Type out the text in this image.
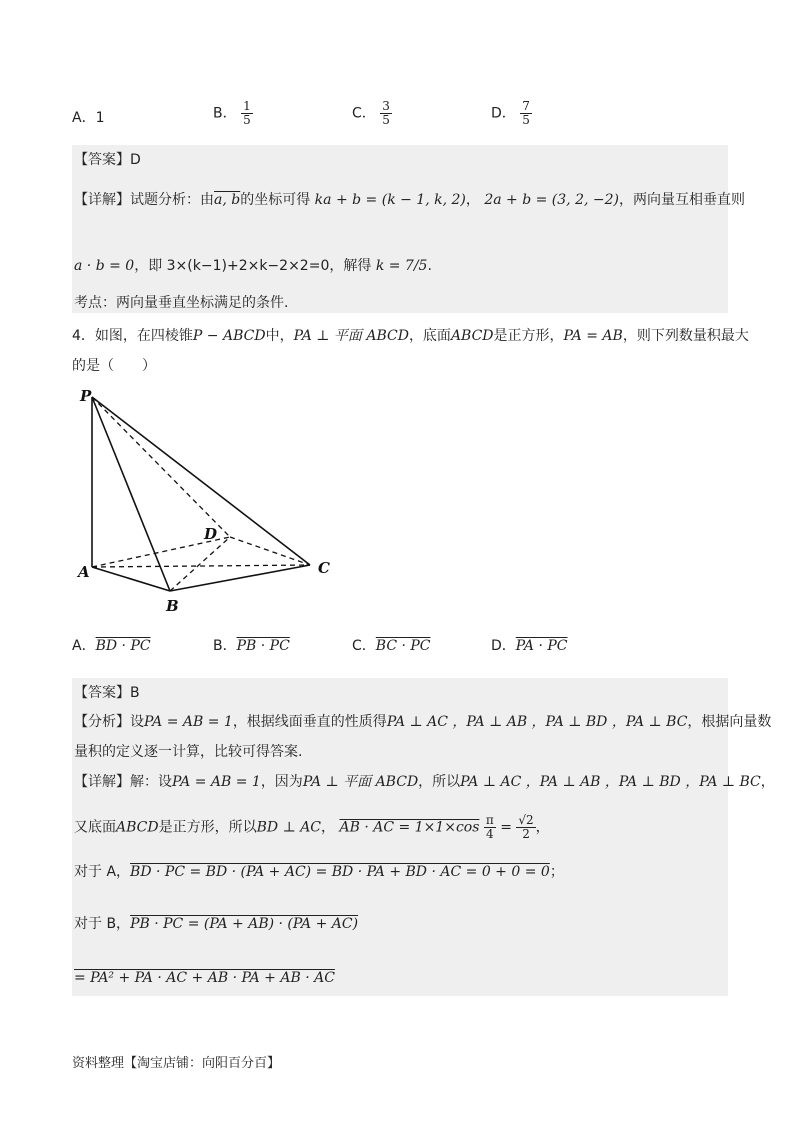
A．1	B． $\frac{1}{5}$	C． $\frac{3}{5}$	D． $\frac{7}{5}$
【答案】D
【详解】试题分析：由a, b的坐标可得 ka + b = (k − 1, k, 2)， 2a + b = (3, 2, −2)，两向量互相垂直则
a · b = 0，即 3×(k−1)+2×k−2×2=0，解得 k = 7/5.
考点：两向量垂直坐标满足的条件.
4．如图，在四棱锥P − ABCD中，PA ⊥ 平面 ABCD，底面ABCD是正方形，PA = AB，则下列数量积最大
的是（　　）
P
A
B
C
D
A．BD · PC	B．PB · PC	C．BC · PC	D．PA · PC
【答案】B
【分析】设PA = AB = 1，根据线面垂直的性质得PA ⊥ AC ，PA ⊥ AB ，PA ⊥ BD ，PA ⊥ BC，根据向量数
量积的定义逐一计算，比较可得答案.
【详解】解：设PA = AB = 1，因为PA ⊥ 平面 ABCD，所以PA ⊥ AC ，PA ⊥ AB ，PA ⊥ BD ，PA ⊥ BC，
又底面ABCD是正方形，所以BD ⊥ AC， AB · AC = $1\times 1\times\cos \frac{\pi}{4} = \frac{√2}{2}$ ，
对于 A，BD · PC = BD · (PA + AC) = BD · PA + BD · AC = 0 + 0 = 0；
对于 B，PB · PC = (PA + AB) · (PA + AC)
= PA² + PA · AC + AB · PA + AB · AC
资料整理【淘宝店铺：向阳百分百】
